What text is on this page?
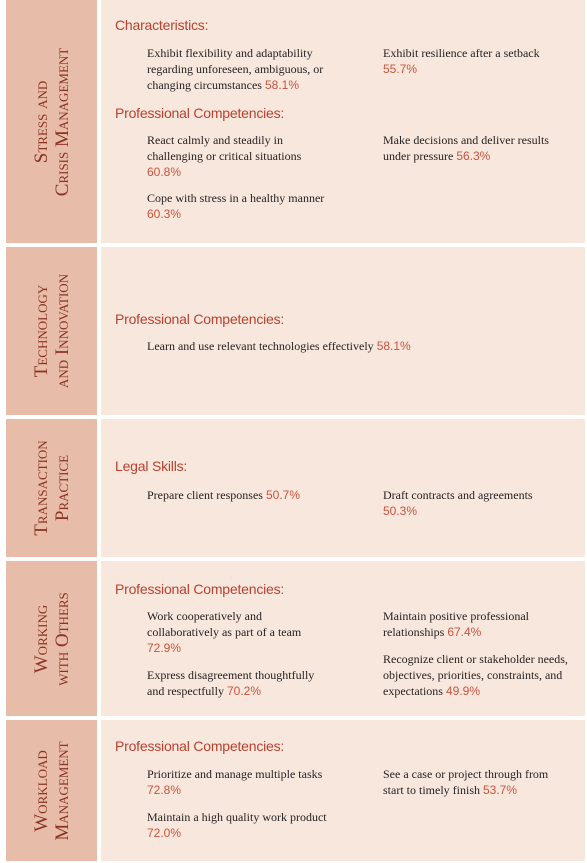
Stress and Crisis Management
Characteristics:
Exhibit flexibility and adaptability regarding unforeseen, ambiguous, or changing circumstances 58.1%
Exhibit resilience after a setback
55.7%
Professional Competencies:
React calmly and steadily in challenging or critical situations
60.8%
Make decisions and deliver results under pressure 56.3%
Cope with stress in a healthy manner
60.3%
Technology and Innovation	Professional Competencies:
Learn and use relevant technologies effectively 58.1%
Transaction Practice	Legal Skills:
Prepare client responses 50.7%	Draft contracts and agreements
50.3%
Working with Others
Professional Competencies:
Work cooperatively and collaboratively as part of a team
72.9%
Maintain positive professional relationships 67.4%
Express disagreement thoughtfully and respectfully 70.2%
Recognize client or stakeholder needs, objectives, priorities, constraints, and expectations 49.9%
Workload Management	Professional Competencies:
Prioritize and manage multiple tasks
72.8%
See a case or project through from start to timely finish 53.7%
Maintain a high quality work product
72.0%
